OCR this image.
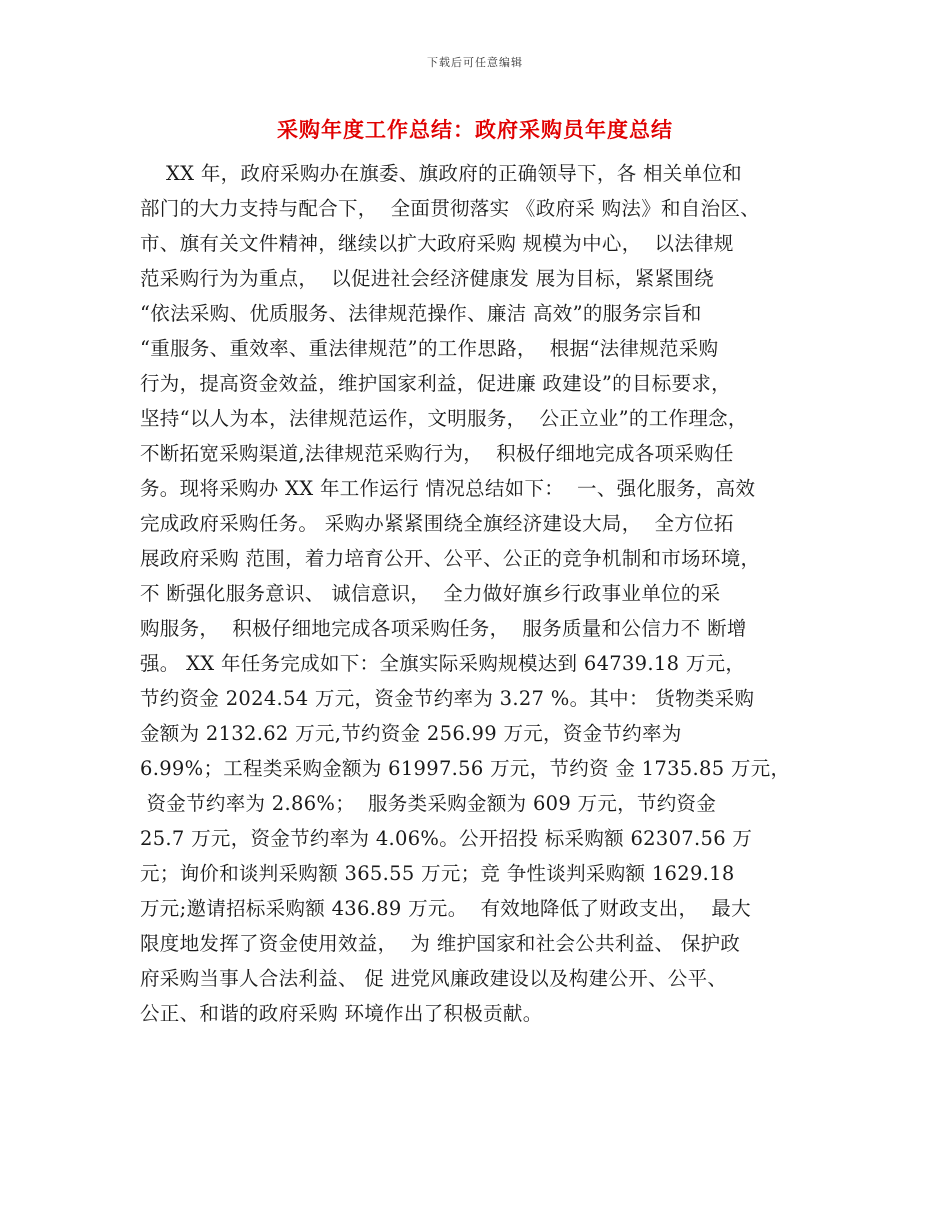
下载后可任意编辑
采购年度工作总结：政府采购员年度总结
XX 年，政府采购办在旗委、旗政府的正确领导下，各 相关单位和
部门的大力支持与配合下，  全面贯彻落实 《政府采 购法》和自治区、
市、旗有关文件精神，继续以扩大政府采购 规模为中心，  以法律规
范采购行为为重点，  以促进社会经济健康发 展为目标，紧紧围绕
“依法采购、优质服务、法律规范操作、廉洁 高效”的服务宗旨和
“重服务、重效率、重法律规范”的工作思路，  根据“法律规范采购
行为，提高资金效益，维护国家利益，促进廉 政建设”的目标要求，
坚持“以人为本，法律规范运作，文明服务，  公正立业”的工作理念，
不断拓宽采购渠道,法律规范采购行为，  积极仔细地完成各项采购任
务。现将采购办 XX 年工作运行 情况总结如下：  一、强化服务，高效
完成政府采购任务。 采购办紧紧围绕全旗经济建设大局，  全方位拓
展政府采购 范围，着力培育公开、公平、公正的竞争机制和市场环境，
不 断强化服务意识、 诚信意识，  全力做好旗乡行政事业单位的采
购服务，  积极仔细地完成各项采购任务，  服务质量和公信力不 断增
强。 XX 年任务完成如下：全旗实际采购规模达到 64739.18 万元，
节约资金 2024.54 万元，资金节约率为 3.27 %。其中： 货物类采购
金额为 2132.62 万元,节约资金 256.99 万元，资金节约率为
6.99%；工程类采购金额为 61997.56 万元，节约资 金 1735.85 万元，
资金节约率为 2.86%；  服务类采购金额为 609 万元，节约资金
25.7 万元，资金节约率为 4.06%。公开招投 标采购额 62307.56 万
元；询价和谈判采购额 365.55 万元；竞 争性谈判采购额 1629.18
万元;邀请招标采购额 436.89 万元。  有效地降低了财政支出，  最大
限度地发挥了资金使用效益，  为 维护国家和社会公共利益、 保护政
府采购当事人合法利益、 促 进党风廉政建设以及构建公开、公平、
公正、和谐的政府采购 环境作出了积极贡献。
